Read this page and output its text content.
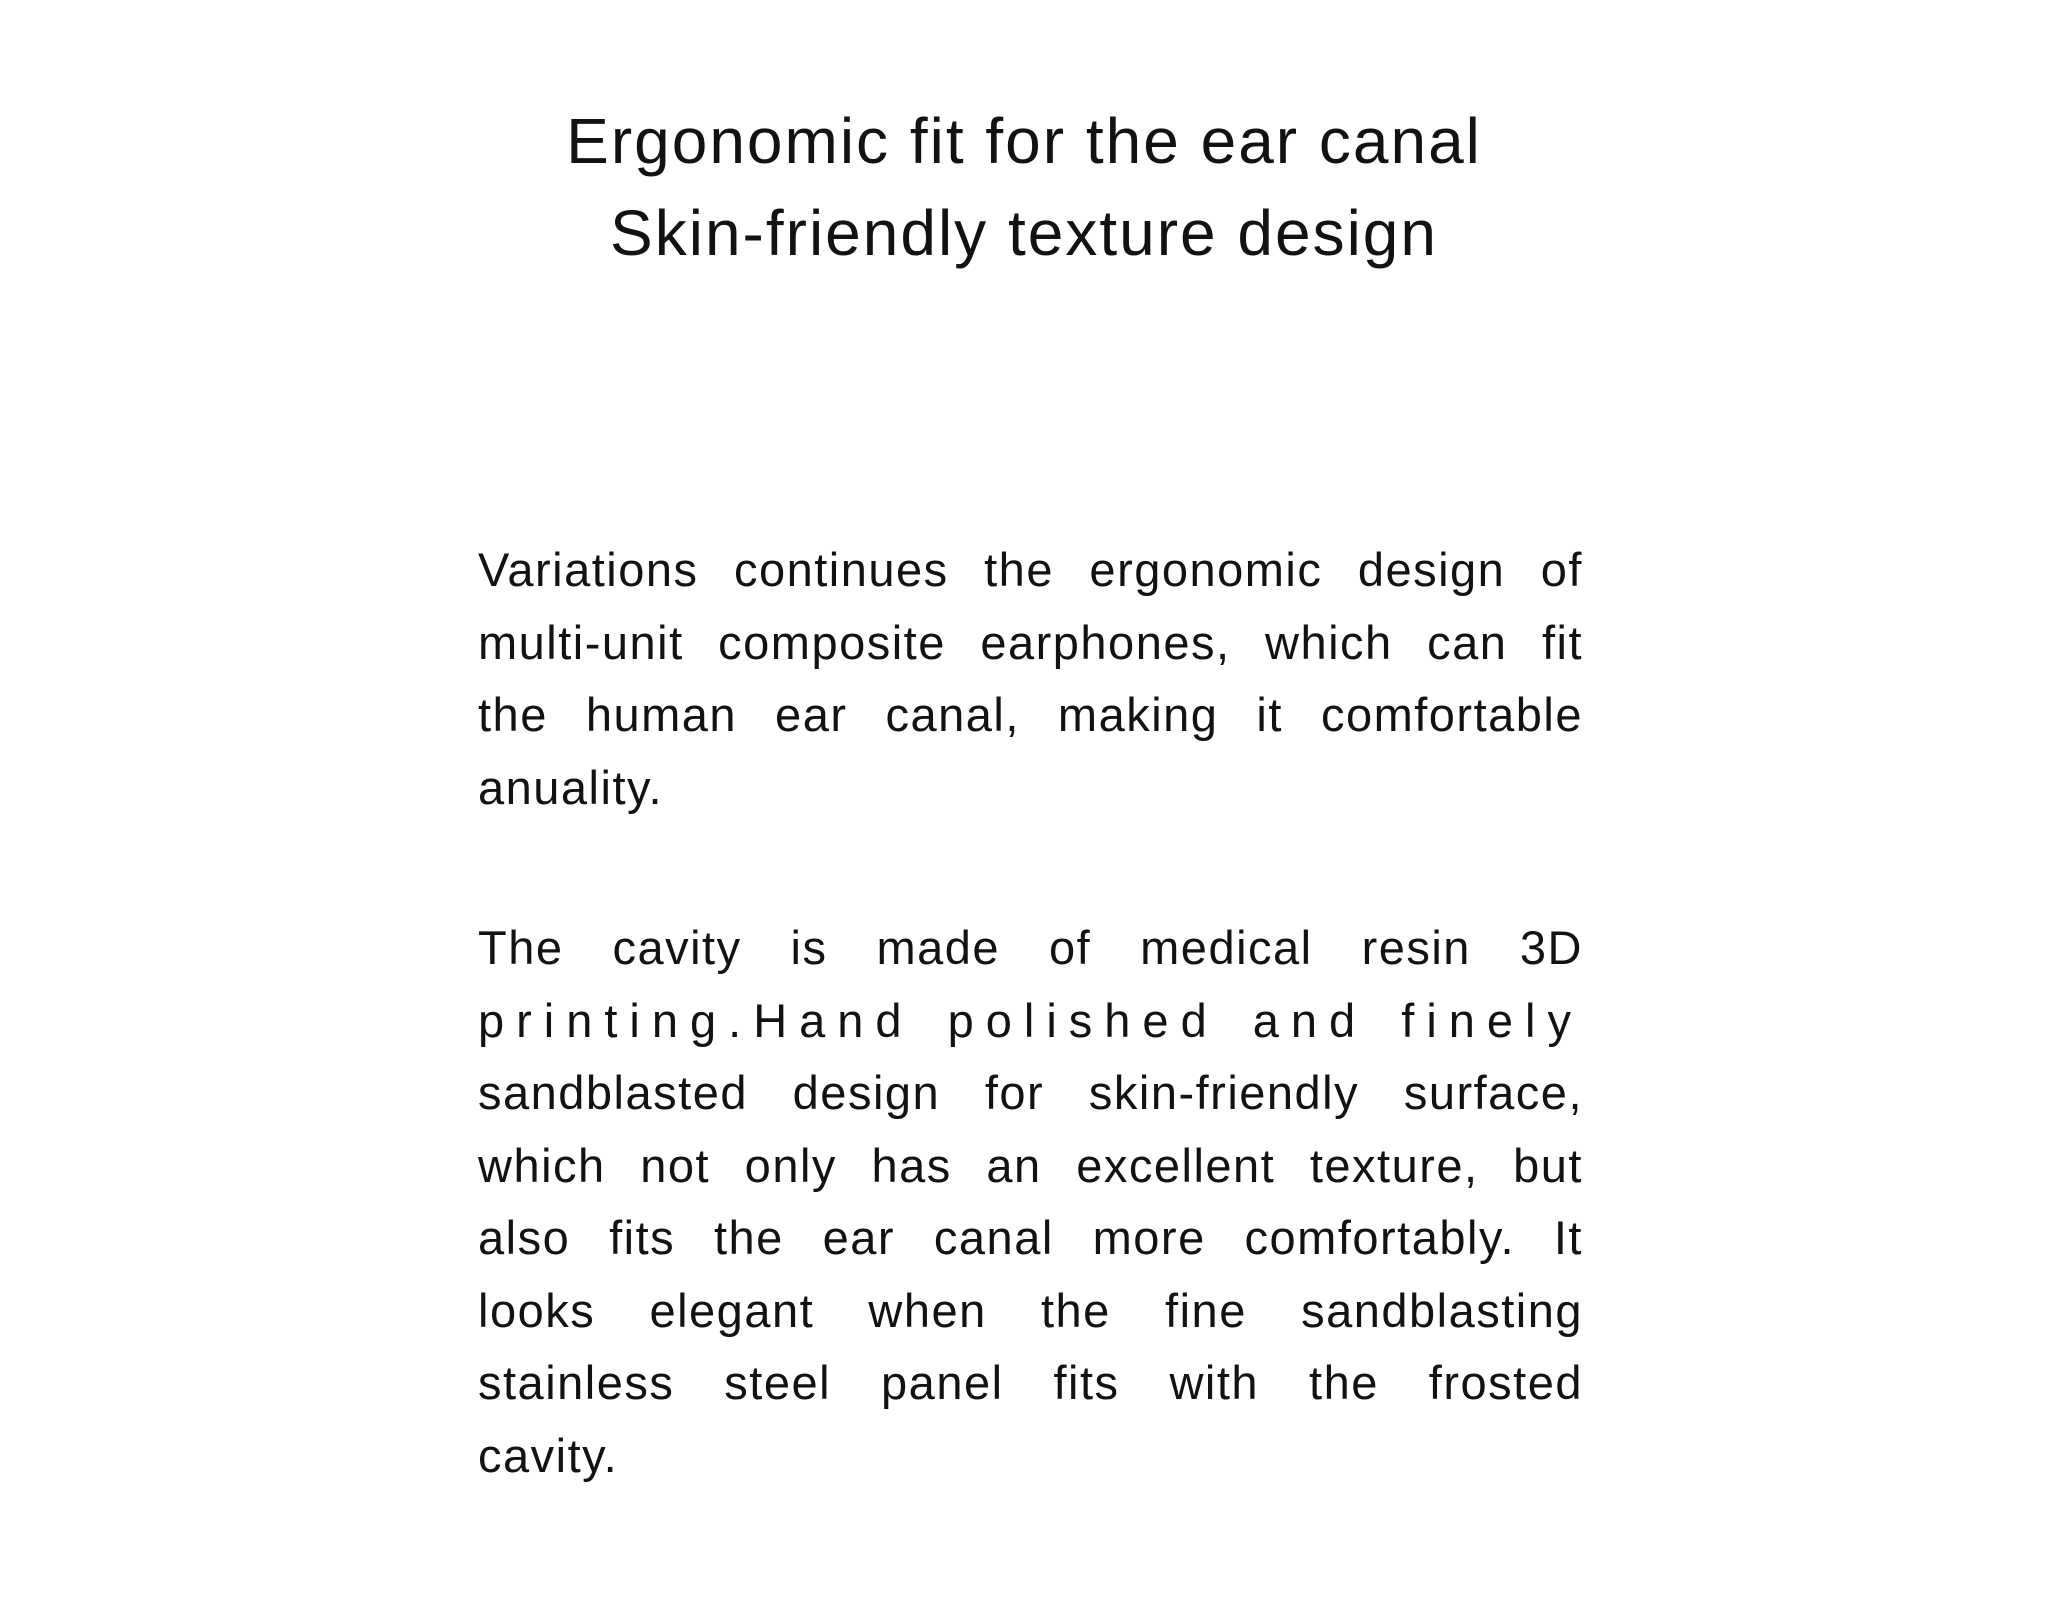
Ergonomic fit for the ear canal
Skin-friendly texture design
Variations continues the ergonomic design of
multi-unit composite earphones, which can fit
the human ear canal, making it comfortable
anuality.
The cavity is made of medical resin 3D
printing.Hand polished and finely
sandblasted design for skin-friendly surface,
which not only has an excellent texture, but
also fits the ear canal more comfortably. It
looks elegant when the fine sandblasting
stainless steel panel fits with the frosted
cavity.
